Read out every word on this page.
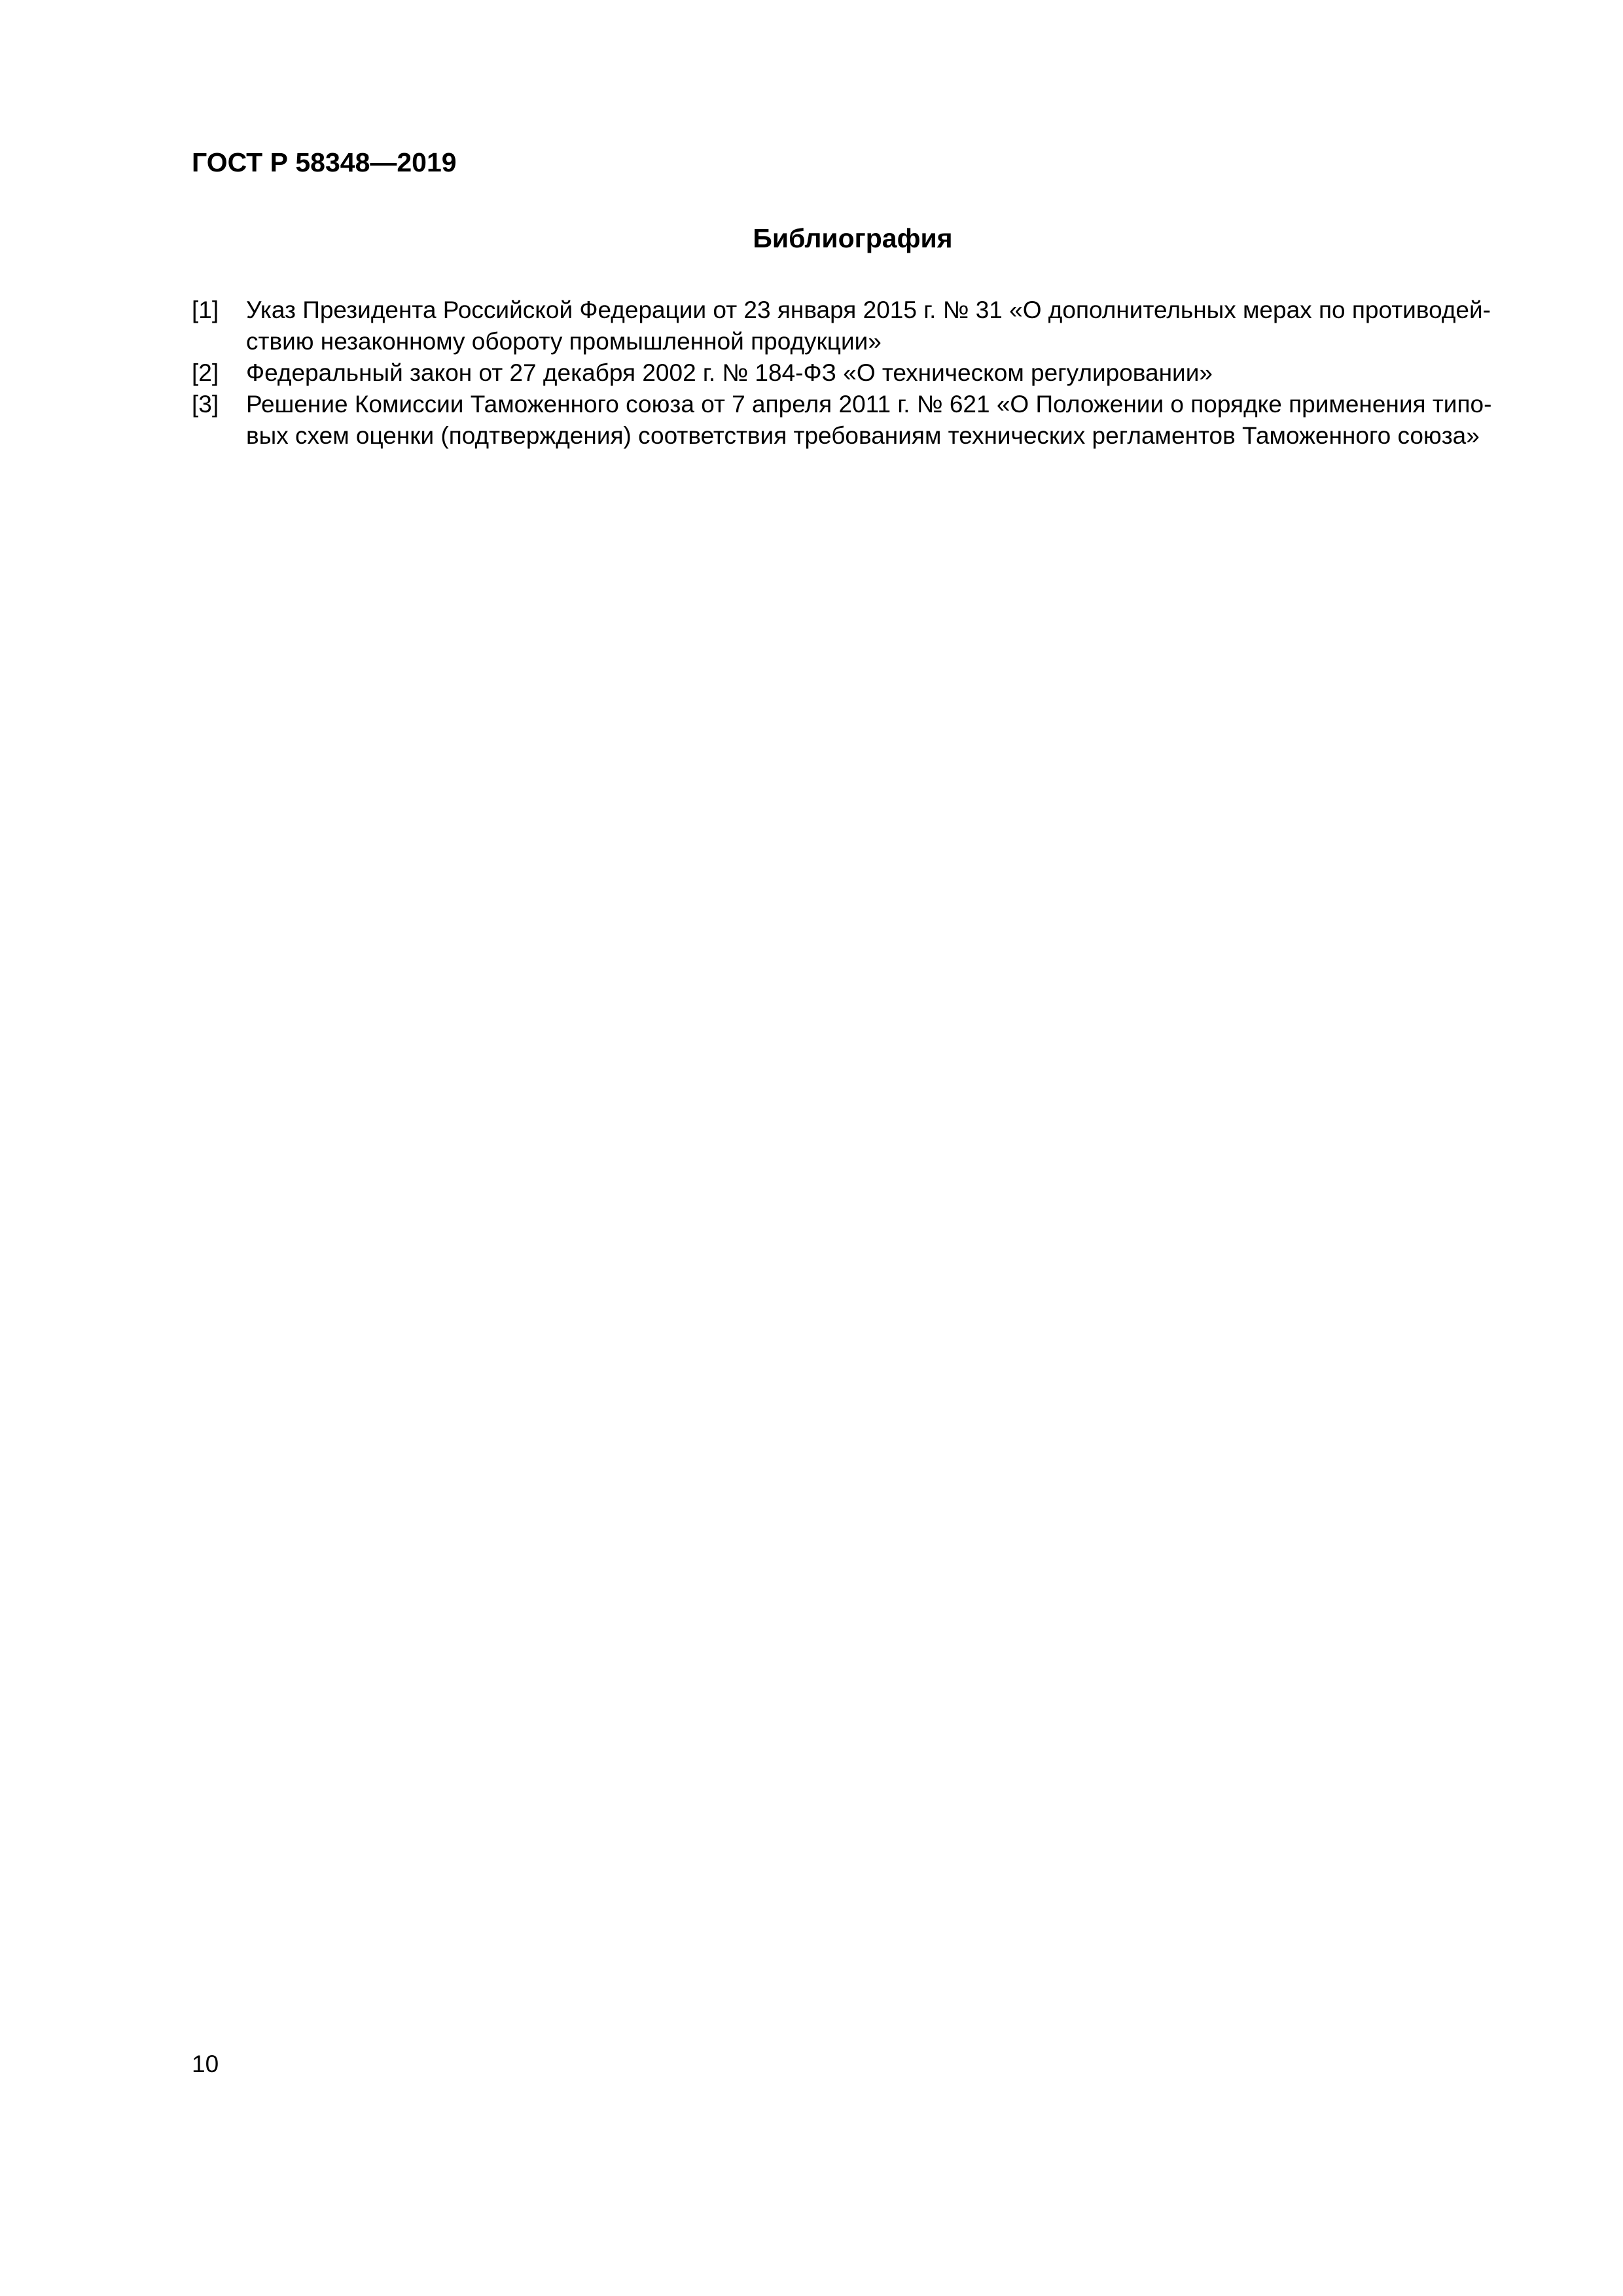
ГОСТ Р 58348—2019
Библиография
[1]	Указ Президента Российской Федерации от 23 января 2015 г. № 31 «О дополнительных мерах по противодей-
ствию незаконному обороту промышленной продукции»
[2]	Федеральный закон от 27 декабря 2002 г. № 184-ФЗ «О техническом регулировании»
[3]	Решение Комиссии Таможенного союза от 7 апреля 2011 г. № 621 «О Положении о порядке применения типо-
вых схем оценки (подтверждения) соответствия требованиям технических регламентов Таможенного союза»
10
